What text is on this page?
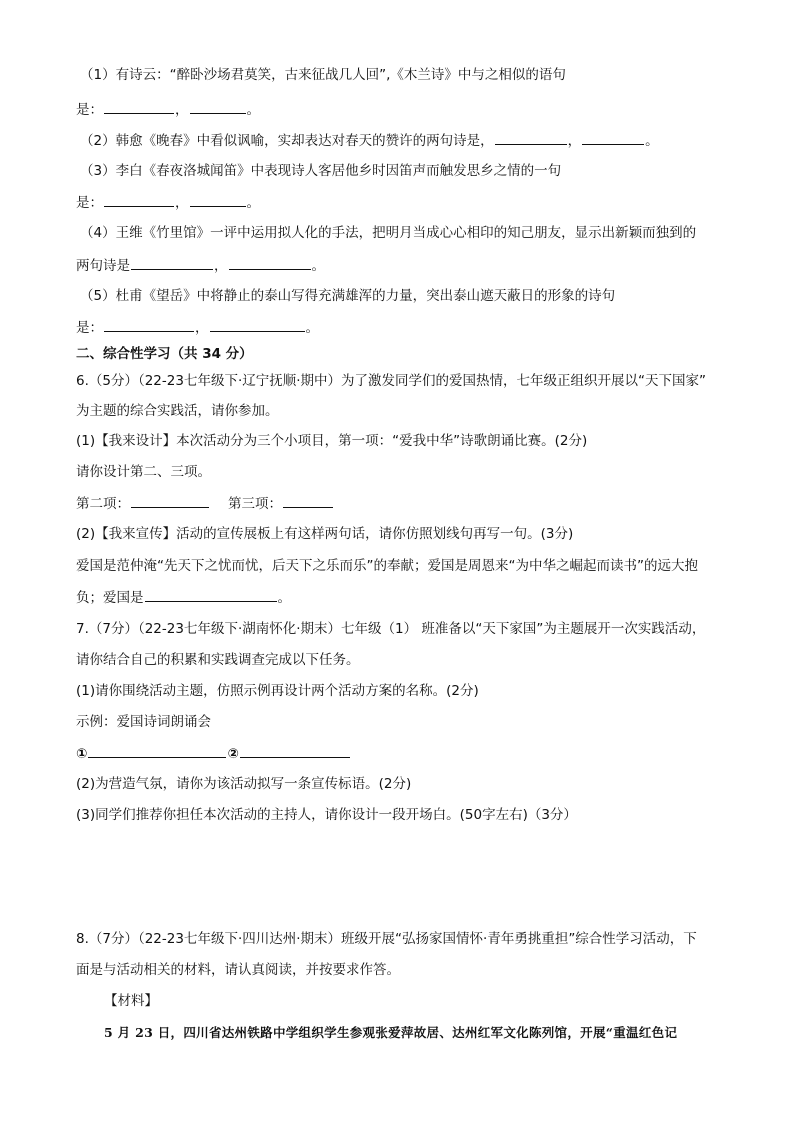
（1）有诗云：“醉卧沙场君莫笑，古来征战几人回”,《木兰诗》中与之相似的语句
是：	，	。
（2）韩愈《晚春》中看似讽喻，实却表达对春天的赞许的两句诗是，	，	。
（3）李白《春夜洛城闻笛》中表现诗人客居他乡时因笛声而触发思乡之情的一句
是：	，	。
（4）王维《竹里馆》一评中运用拟人化的手法，把明月当成心心相印的知己朋友，显示出新颖而独到的
两句诗是	，	。
（5）杜甫《望岳》中将静止的泰山写得充满雄浑的力量，突出泰山遮天蔽日的形象的诗句
是：	，	。
二、综合性学习（共 34 分）
6.（5分）（22-23七年级下·辽宁抚顺·期中）为了激发同学们的爱国热情，七年级正组织开展以“天下国家”
为主题的综合实践活，请你参加。
(1)【我来设计】本次活动分为三个小项目，第一项：“爱我中华”诗歌朗诵比赛。(2分)
请你设计第二、三项。
第二项：	第三项：
(2)【我来宣传】活动的宣传展板上有这样两句话，请你仿照划线句再写一句。(3分)
爱国是范仲淹“先天下之忧而忧，后天下之乐而乐”的奉献；爱国是周恩来“为中华之崛起而读书”的远大抱
负；爱国是	。
7.（7分）（22-23七年级下·湖南怀化·期末）七年级（1） 班准备以“天下家国”为主题展开一次实践活动，
请你结合自己的积累和实践调查完成以下任务。
(1)请你围绕活动主题，仿照示例再设计两个活动方案的名称。(2分)
示例：爱国诗词朗诵会
①	②
(2)为营造气氛，请你为该活动拟写一条宣传标语。(2分)
(3)同学们推荐你担任本次活动的主持人，请你设计一段开场白。(50字左右)（3分）
8.（7分）（22-23七年级下·四川达州·期末）班级开展“弘扬家国情怀·青年勇挑重担”综合性学习活动，下
面是与活动相关的材料，请认真阅读，并按要求作答。
【材料】
5 月 23 日，四川省达州铁路中学组织学生参观张爱萍故居、达州红军文化陈列馆，开展“重温红色记
